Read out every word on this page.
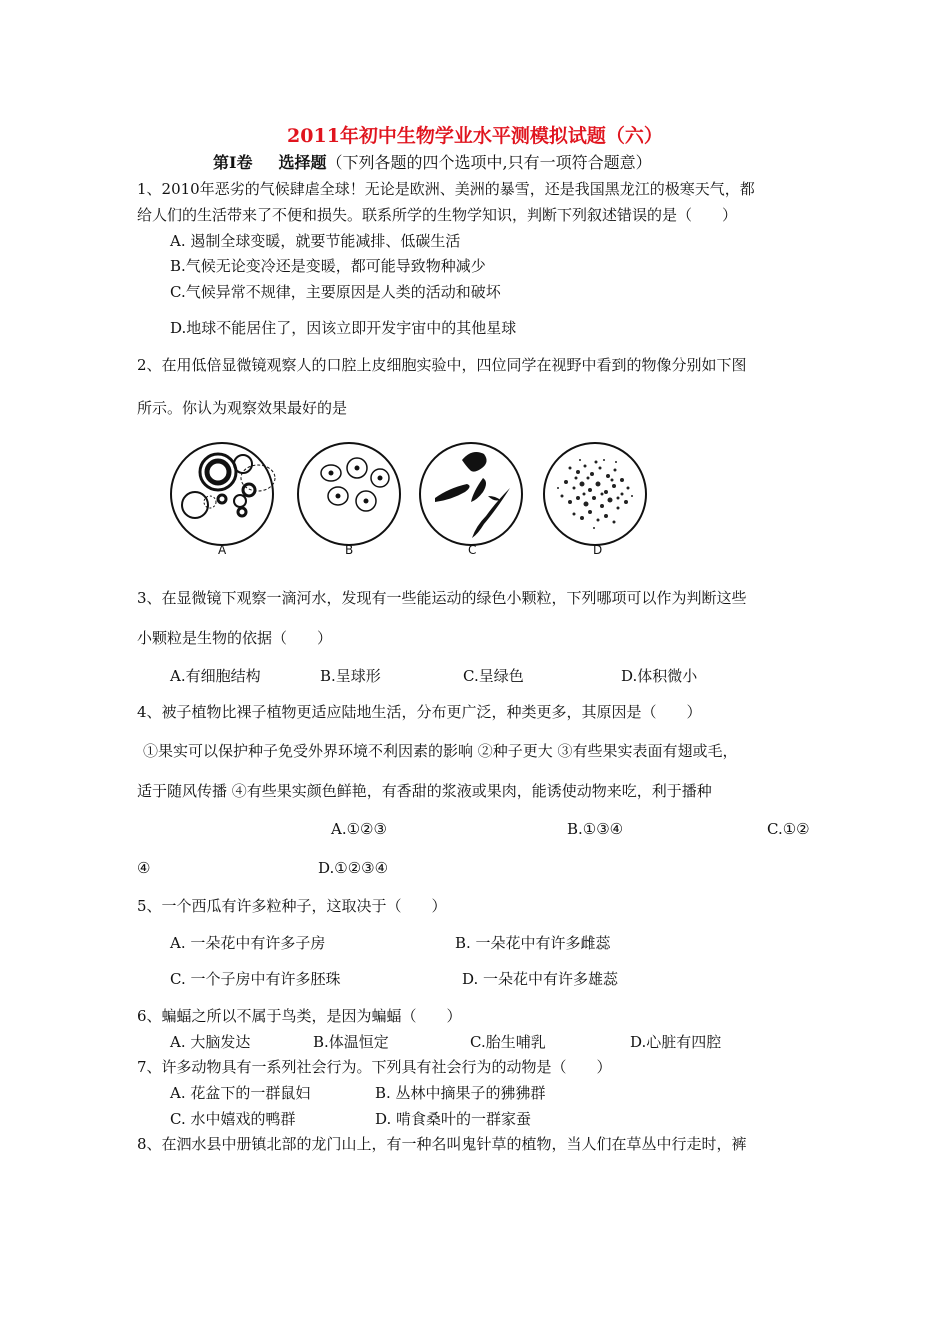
2011年初中生物学业水平测模拟试题（六）
第Ⅰ卷 选择题（下列各题的四个选项中,只有一项符合题意）
1、2010年恶劣的气候肆虐全球！无论是欧洲、美洲的暴雪，还是我国黑龙江的极寒天气，都
给人们的生活带来了不便和损失。联系所学的生物学知识，判断下列叙述错误的是（　　）
A. 遏制全球变暖，就要节能减排、低碳生活
B.气候无论变冷还是变暖，都可能导致物种减少
C.气候异常不规律，主要原因是人类的活动和破坏
D.地球不能居住了，因该立即开发宇宙中的其他星球
2、在用低倍显微镜观察人的口腔上皮细胞实验中，四位同学在视野中看到的物像分别如下图
所示。你认为观察效果最好的是
A	B	C	D
3、在显微镜下观察一滴河水，发现有一些能运动的绿色小颗粒，下列哪项可以作为判断这些
小颗粒是生物的依据（　　）
A.有细胞结构	B.呈球形	C.呈绿色	D.体积微小
4、被子植物比裸子植物更适应陆地生活，分布更广泛，种类更多，其原因是（　　）
①果实可以保护种子免受外界环境不利因素的影响 ②种子更大 ③有些果实表面有翅或毛，
适于随风传播 ④有些果实颜色鲜艳，有香甜的浆液或果肉，能诱使动物来吃，利于播种
A.①②③	B.①③④	C.①②
④	D.①②③④
5、一个西瓜有许多粒种子，这取决于（　　）
A. 一朵花中有许多子房	B. 一朵花中有许多雌蕊
C. 一个子房中有许多胚珠	D. 一朵花中有许多雄蕊
6、蝙蝠之所以不属于鸟类，是因为蝙蝠（　　）
A. 大脑发达	B.体温恒定	C.胎生哺乳	D.心脏有四腔
7、许多动物具有一系列社会行为。下列具有社会行为的动物是（　　）
A. 花盆下的一群鼠妇	B. 丛林中摘果子的狒狒群
C. 水中嬉戏的鸭群	D. 啃食桑叶的一群家蚕
8、在泗水县中册镇北部的龙门山上，有一种名叫鬼针草的植物，当人们在草丛中行走时，裤
